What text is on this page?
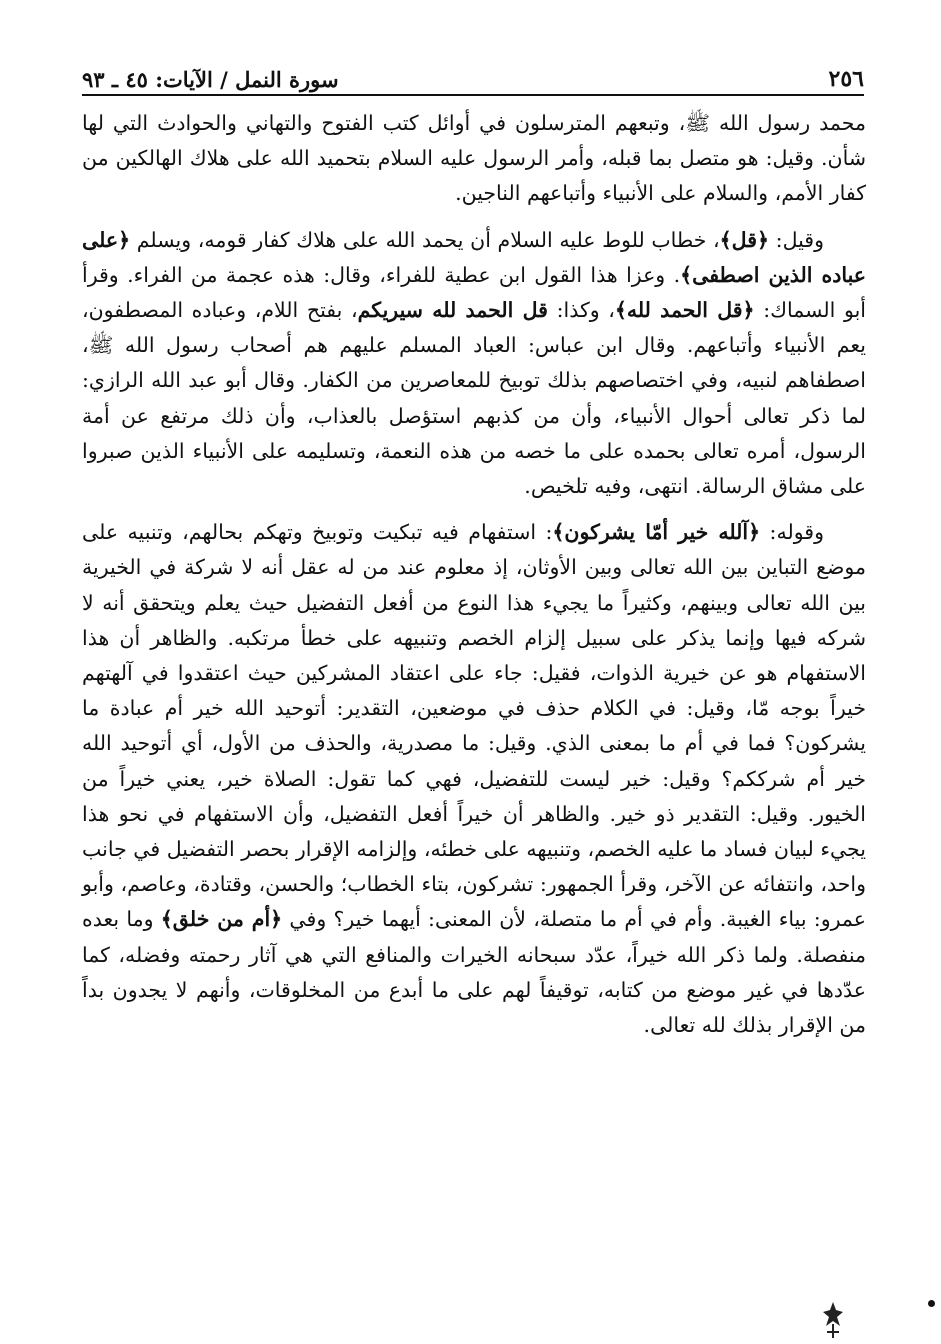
٢٥٦
سورة النمل / الآيات: ٤٥ ـ ٩٣

محمد رسول الله ﷺ، وتبعهم المترسلون في أوائل كتب الفتوح والتهاني والحوادث التي لها شأن. وقيل: هو متصل بما قبله، وأمر الرسول عليه السلام بتحميد الله على هلاك الهالكين من كفار الأمم، والسلام على الأنبياء وأتباعهم الناجين.

وقيل: ﴿قل﴾، خطاب للوط عليه السلام أن يحمد الله على هلاك كفار قومه، ويسلم ﴿على عباده الذين اصطفى﴾. وعزا هذا القول ابن عطية للفراء، وقال: هذه عجمة من الفراء. وقرأ أبو السماك: ﴿قل الحمد لله﴾، وكذا: قل الحمد لله سيريكم، بفتح اللام، وعباده المصطفون، يعم الأنبياء وأتباعهم. وقال ابن عباس: العباد المسلم عليهم هم أصحاب رسول الله ﷺ، اصطفاهم لنبيه، وفي اختصاصهم بذلك توبيخ للمعاصرين من الكفار. وقال أبو عبد الله الرازي: لما ذكر تعالى أحوال الأنبياء، وأن من كذبهم استؤصل بالعذاب، وأن ذلك مرتفع عن أمة الرسول، أمره تعالى بحمده على ما خصه من هذه النعمة، وتسليمه على الأنبياء الذين صبروا على مشاق الرسالة. انتهى، وفيه تلخيص.

وقوله: ﴿آلله خير أمّا يشركون﴾: استفهام فيه تبكيت وتوبيخ وتهكم بحالهم، وتنبيه على موضع التباين بين الله تعالى وبين الأوثان، إذ معلوم عند من له عقل أنه لا شركة في الخيرية بين الله تعالى وبينهم، وكثيراً ما يجيء هذا النوع من أفعل التفضيل حيث يعلم ويتحقق أنه لا شركه فيها وإنما يذكر على سبيل إلزام الخصم وتنبيهه على خطأ مرتكبه. والظاهر أن هذا الاستفهام هو عن خيرية الذوات، فقيل: جاء على اعتقاد المشركين حيث اعتقدوا في آلهتهم خيراً بوجه مّا، وقيل: في الكلام حذف في موضعين، التقدير: أتوحيد الله خير أم عبادة ما يشركون؟ فما في أم ما بمعنى الذي. وقيل: ما مصدرية، والحذف من الأول، أي أتوحيد الله خير أم شرككم؟ وقيل: خير ليست للتفضيل، فهي كما تقول: الصلاة خير، يعني خيراً من الخيور. وقيل: التقدير ذو خير. والظاهر أن خيراً أفعل التفضيل، وأن الاستفهام في نحو هذا يجيء لبيان فساد ما عليه الخصم، وتنبيهه على خطئه، وإلزامه الإقرار بحصر التفضيل في جانب واحد، وانتفائه عن الآخر، وقرأ الجمهور: تشركون، بتاء الخطاب؛ والحسن، وقتادة، وعاصم، وأبو عمرو: بياء الغيبة. وأم في أم ما متصلة، لأن المعنى: أيهما خير؟ وفي ﴿أم من خلق﴾ وما بعده منفصلة. ولما ذكر الله خيراً، عدّد سبحانه الخيرات والمنافع التي هي آثار رحمته وفضله، كما عدّدها في غير موضع من كتابه، توقيفاً لهم على ما أبدع من المخلوقات، وأنهم لا يجدون بداً من الإقرار بذلك لله تعالى.
